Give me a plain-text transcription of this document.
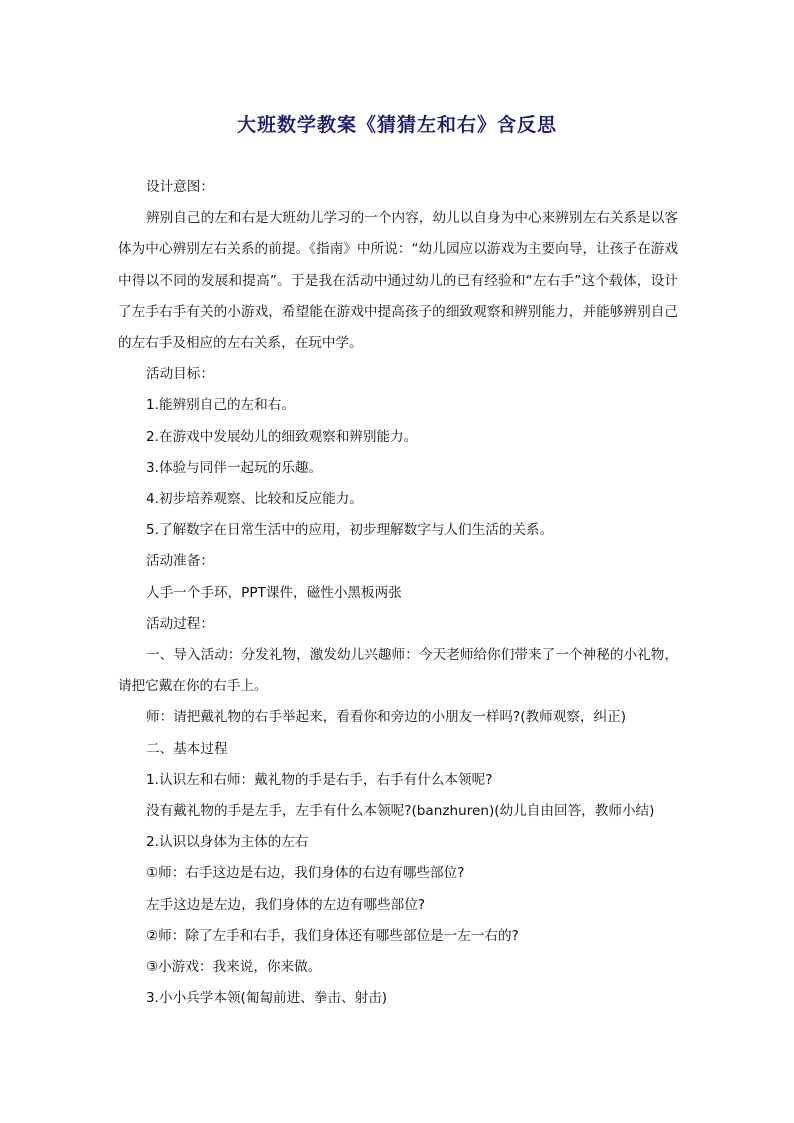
大班数学教案《猜猜左和右》含反思

设计意图：

辨别自己的左和右是大班幼儿学习的一个内容，幼儿以自身为中心来辨别左右关系是以客体为中心辨别左右关系的前提。《指南》中所说：“幼儿园应以游戏为主要向导，让孩子在游戏中得以不同的发展和提高”。于是我在活动中通过幼儿的已有经验和“左右手”这个载体，设计了左手右手有关的小游戏，希望能在游戏中提高孩子的细致观察和辨别能力，并能够辨别自己的左右手及相应的左右关系，在玩中学。

活动目标：

1.能辨别自己的左和右。

2.在游戏中发展幼儿的细致观察和辨别能力。

3.体验与同伴一起玩的乐趣。

4.初步培养观察、比较和反应能力。

5.了解数字在日常生活中的应用，初步理解数字与人们生活的关系。

活动准备：

人手一个手环，PPT课件，磁性小黑板两张

活动过程：

一、导入活动：分发礼物，激发幼儿兴趣师：今天老师给你们带来了一个神秘的小礼物，请把它戴在你的右手上。

师：请把戴礼物的右手举起来，看看你和旁边的小朋友一样吗?(教师观察，纠正)

二、基本过程

1.认识左和右师：戴礼物的手是右手，右手有什么本领呢?

没有戴礼物的手是左手，左手有什么本领呢?(banzhuren)(幼儿自由回答，教师小结)

2.认识以身体为主体的左右

①师：右手这边是右边，我们身体的右边有哪些部位?

左手这边是左边，我们身体的左边有哪些部位?

②师：除了左手和右手，我们身体还有哪些部位是一左一右的?

③小游戏：我来说，你来做。

3.小小兵学本领(匍匐前进、拳击、射击)
